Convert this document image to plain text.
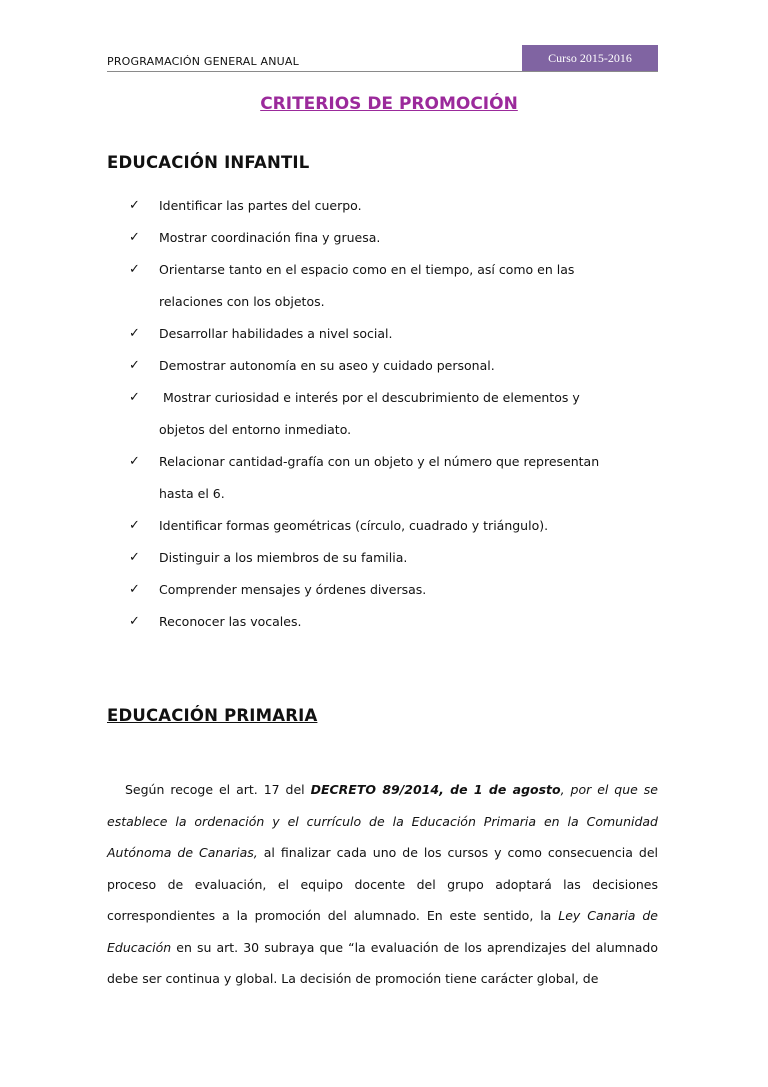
PROGRAMACIÓN GENERAL ANUAL	Curso 2015-2016
CRITERIOS DE PROMOCIÓN
EDUCACIÓN INFANTIL
✓ Identificar las partes del cuerpo.
✓ Mostrar coordinación fina y gruesa.
✓ Orientarse tanto en el espacio como en el tiempo, así como en las
relaciones con los objetos.
✓ Desarrollar habilidades a nivel social.
✓ Demostrar autonomía en su aseo y cuidado personal.
✓ Mostrar curiosidad e interés por el descubrimiento de elementos y
objetos del entorno inmediato.
✓ Relacionar cantidad-grafía con un objeto y el número que representan
hasta el 6.
✓ Identificar formas geométricas (círculo, cuadrado y triángulo).
✓ Distinguir a los miembros de su familia.
✓ Comprender mensajes y órdenes diversas.
✓ Reconocer las vocales.
EDUCACIÓN PRIMARIA
Según recoge el art. 17 del DECRETO 89/2014, de 1 de agosto, por el que se establece la ordenación y el currículo de la Educación Primaria en la Comunidad Autónoma de Canarias, al finalizar cada uno de los cursos y como consecuencia del proceso de evaluación, el equipo docente del grupo adoptará las decisiones correspondientes a la promoción del alumnado. En este sentido, la Ley Canaria de Educación en su art. 30 subraya que “la evaluación de los aprendizajes del alumnado debe ser continua y global. La decisión de promoción tiene carácter global, de
